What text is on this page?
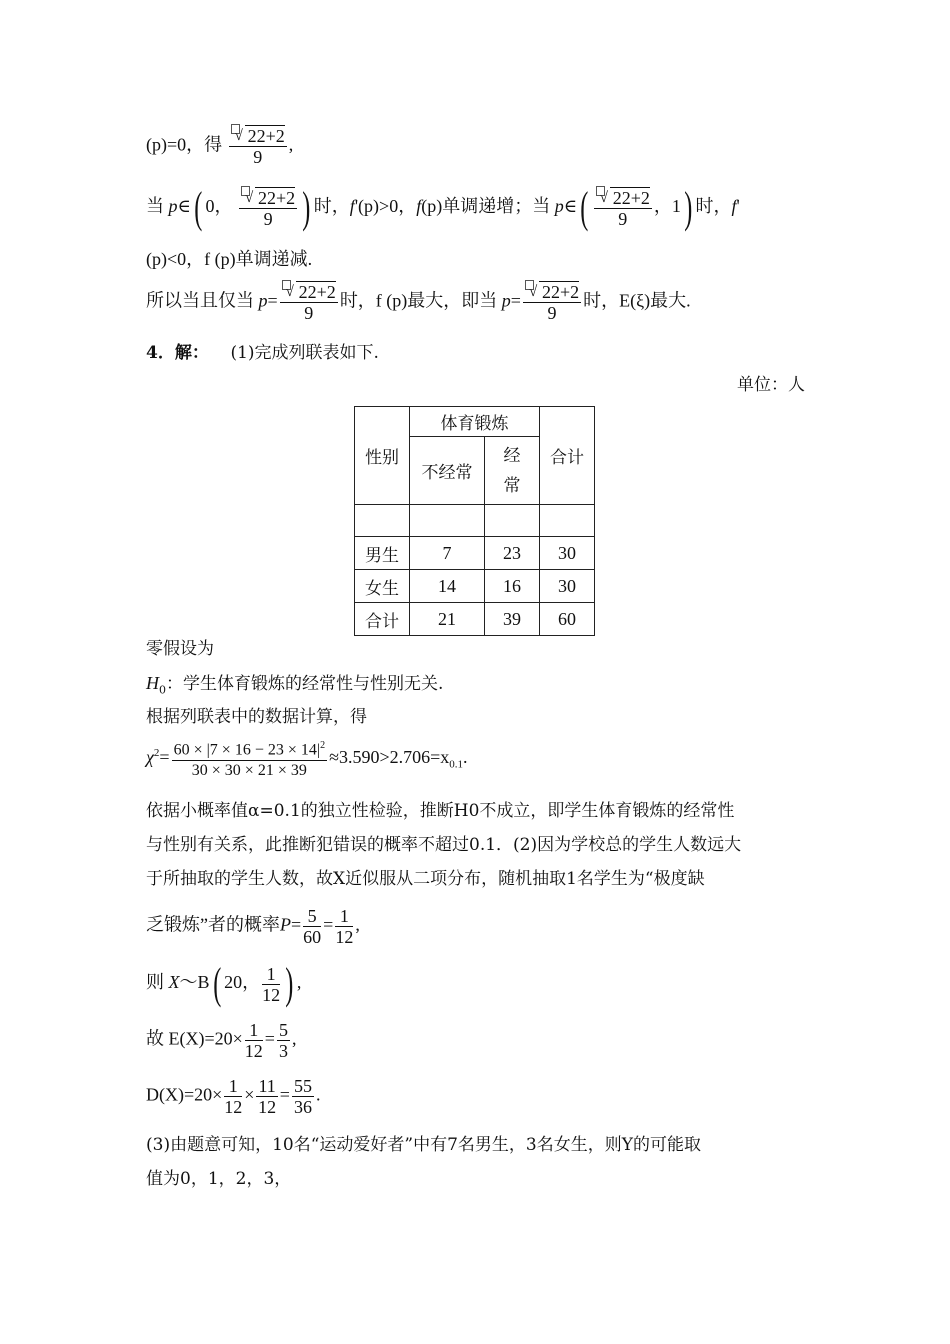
(p)=0，得 $\frac{√ 22+2}{9}$ ,
当 p∈( 0， $\frac{√ 22+2}{9}$ ) 时，f'(p)>0，f(p)单调递增；当 p∈( $\frac{√ 22+2}{9}$ ，1) 时，f'
(p)<0，f (p)单调递减.
所以当且仅当 $p= \frac{√ 22+2}{9}$ 时，f (p)最大，即当 $p= \frac{√ 22+2}{9}$ 时，E(ξ)最大.
4．解： (1)完成列联表如下.
单位：人
性别	体育锻炼		合计
	不经常	经
常	

男生	7	23	30
女生	14	16	30
合计	21	39	60
零假设为
$H_0$：学生体育锻炼的经常性与性别无关.
根据列联表中的数据计算，得
$\chi^2= \frac{60 \times |7 \times 16 - 23 \times 14|^2}{30 \times 30 \times 21 \times 39} \approx 3.590>2.706=x_{0.1}$.
依据小概率值α=0.1的独立性检验，推断H0不成立，即学生体育锻炼的经常性
与性别有关系，此推断犯错误的概率不超过0.1．(2)因为学校总的学生人数远大
于所抽取的学生人数，故X近似服从二项分布，随机抽取1名学生为“极度缺
乏锻炼”者的概率$P= \frac{5}{60} = \frac{1}{12}$ ,
则 X～B( 20， $\frac{1}{12}$ ) ,
故 $E(X)=20\times \frac{1}{12} = \frac{5}{3}$ ,
$D(X)=20\times \frac{1}{12} \times \frac{11}{12} = \frac{55}{36}$ .
(3)由题意可知，10名“运动爱好者”中有7名男生，3名女生，则Y的可能取
值为0，1，2，3，
